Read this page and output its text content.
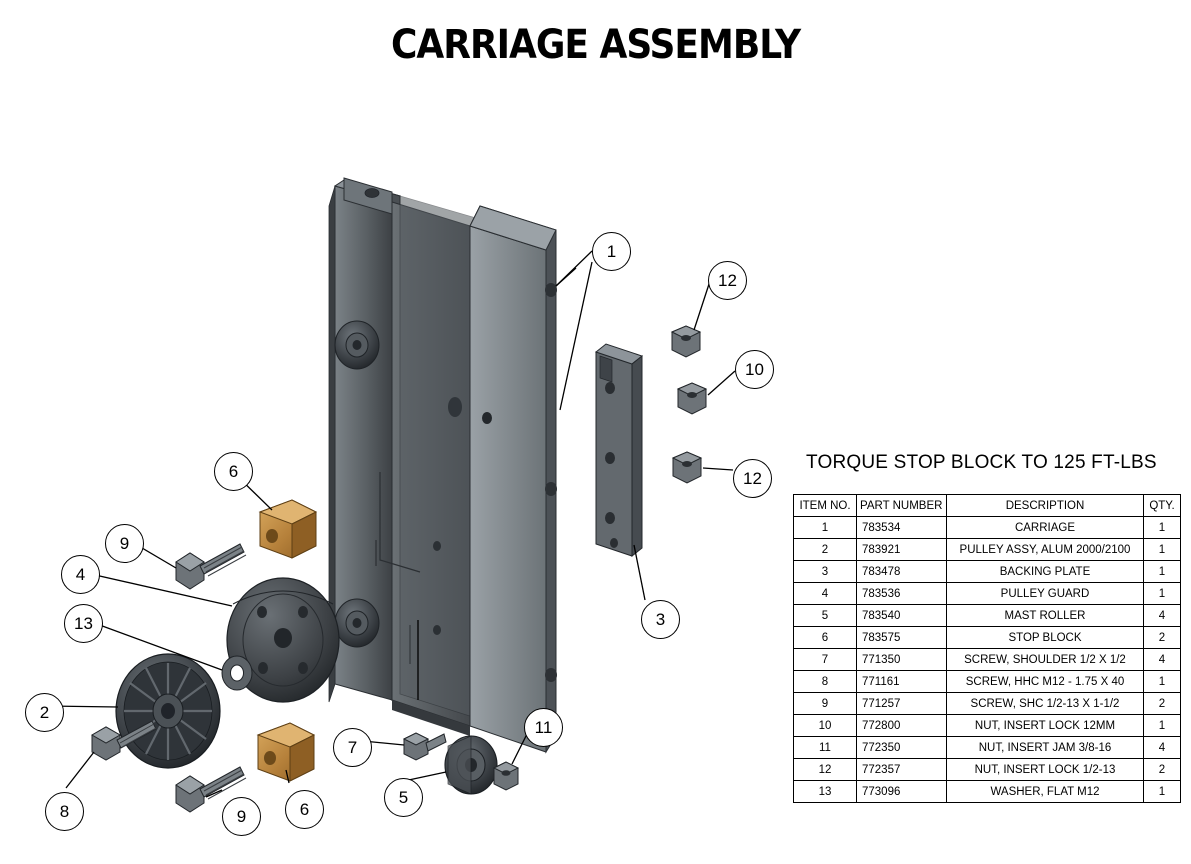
CARRIAGE ASSEMBLY
1
12
10
12
3
6
9
4
13
2
8	9	6
5
7
11
TORQUE STOP BLOCK TO 125 FT-LBS
ITEM NO.	PART NUMBER	DESCRIPTION	QTY.
1	783534	CARRIAGE	1
2	783921	PULLEY ASSY, ALUM 2000/2100	1
3	783478	BACKING PLATE	1
4	783536	PULLEY GUARD	1
5	783540	MAST ROLLER	4
6	783575	STOP BLOCK	2
7	771350	SCREW, SHOULDER 1/2 X 1/2	4
8	771161	SCREW, HHC M12 - 1.75 X 40	1
9	771257	SCREW, SHC 1/2-13 X 1-1/2	2
10	772800	NUT, INSERT LOCK 12MM	1
11	772350	NUT, INSERT JAM 3/8-16	4
12	772357	NUT, INSERT LOCK 1/2-13	2
13	773096	WASHER, FLAT M12	1
